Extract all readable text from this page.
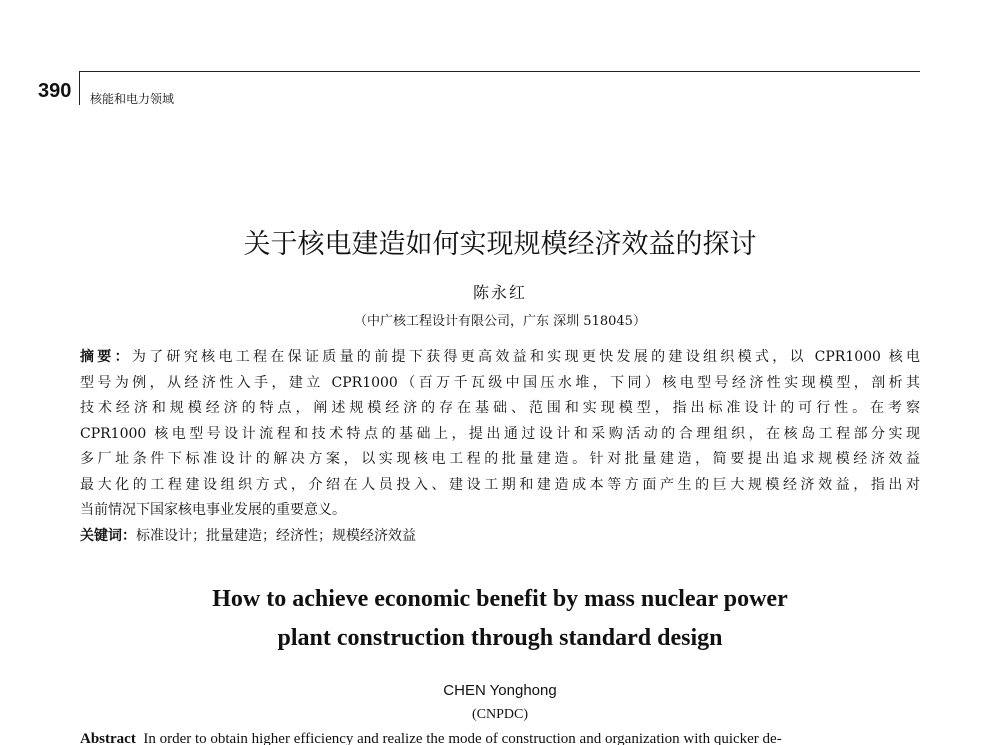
390 核能和电力领域
关于核电建造如何实现规模经济效益的探讨
陈永红
（中广核工程设计有限公司，广东 深圳 518045）
摘要：为了研究核电工程在保证质量的前提下获得更高效益和实现更快发展的建设组织模式，以 CPR1000 核电
型号为例，从经济性入手，建立 CPR1000（百万千瓦级中国压水堆，下同）核电型号经济性实现模型，剖析其
技术经济和规模经济的特点，阐述规模经济的存在基础、范围和实现模型，指出标准设计的可行性。在考察
CPR1000 核电型号设计流程和技术特点的基础上，提出通过设计和采购活动的合理组织，在核岛工程部分实现
多厂址条件下标准设计的解决方案，以实现核电工程的批量建造。针对批量建造，简要提出追求规模经济效益
最大化的工程建设组织方式，介绍在人员投入、建设工期和建造成本等方面产生的巨大规模经济效益，指出对
当前情况下国家核电事业发展的重要意义。
关键词：标准设计；批量建造；经济性；规模经济效益
How to achieve economic benefit by mass nuclear power
plant construction through standard design
CHEN Yonghong
(CNPDC)
Abstract In order to obtain higher efficiency and realize the mode of construction and organization with quicker de-
